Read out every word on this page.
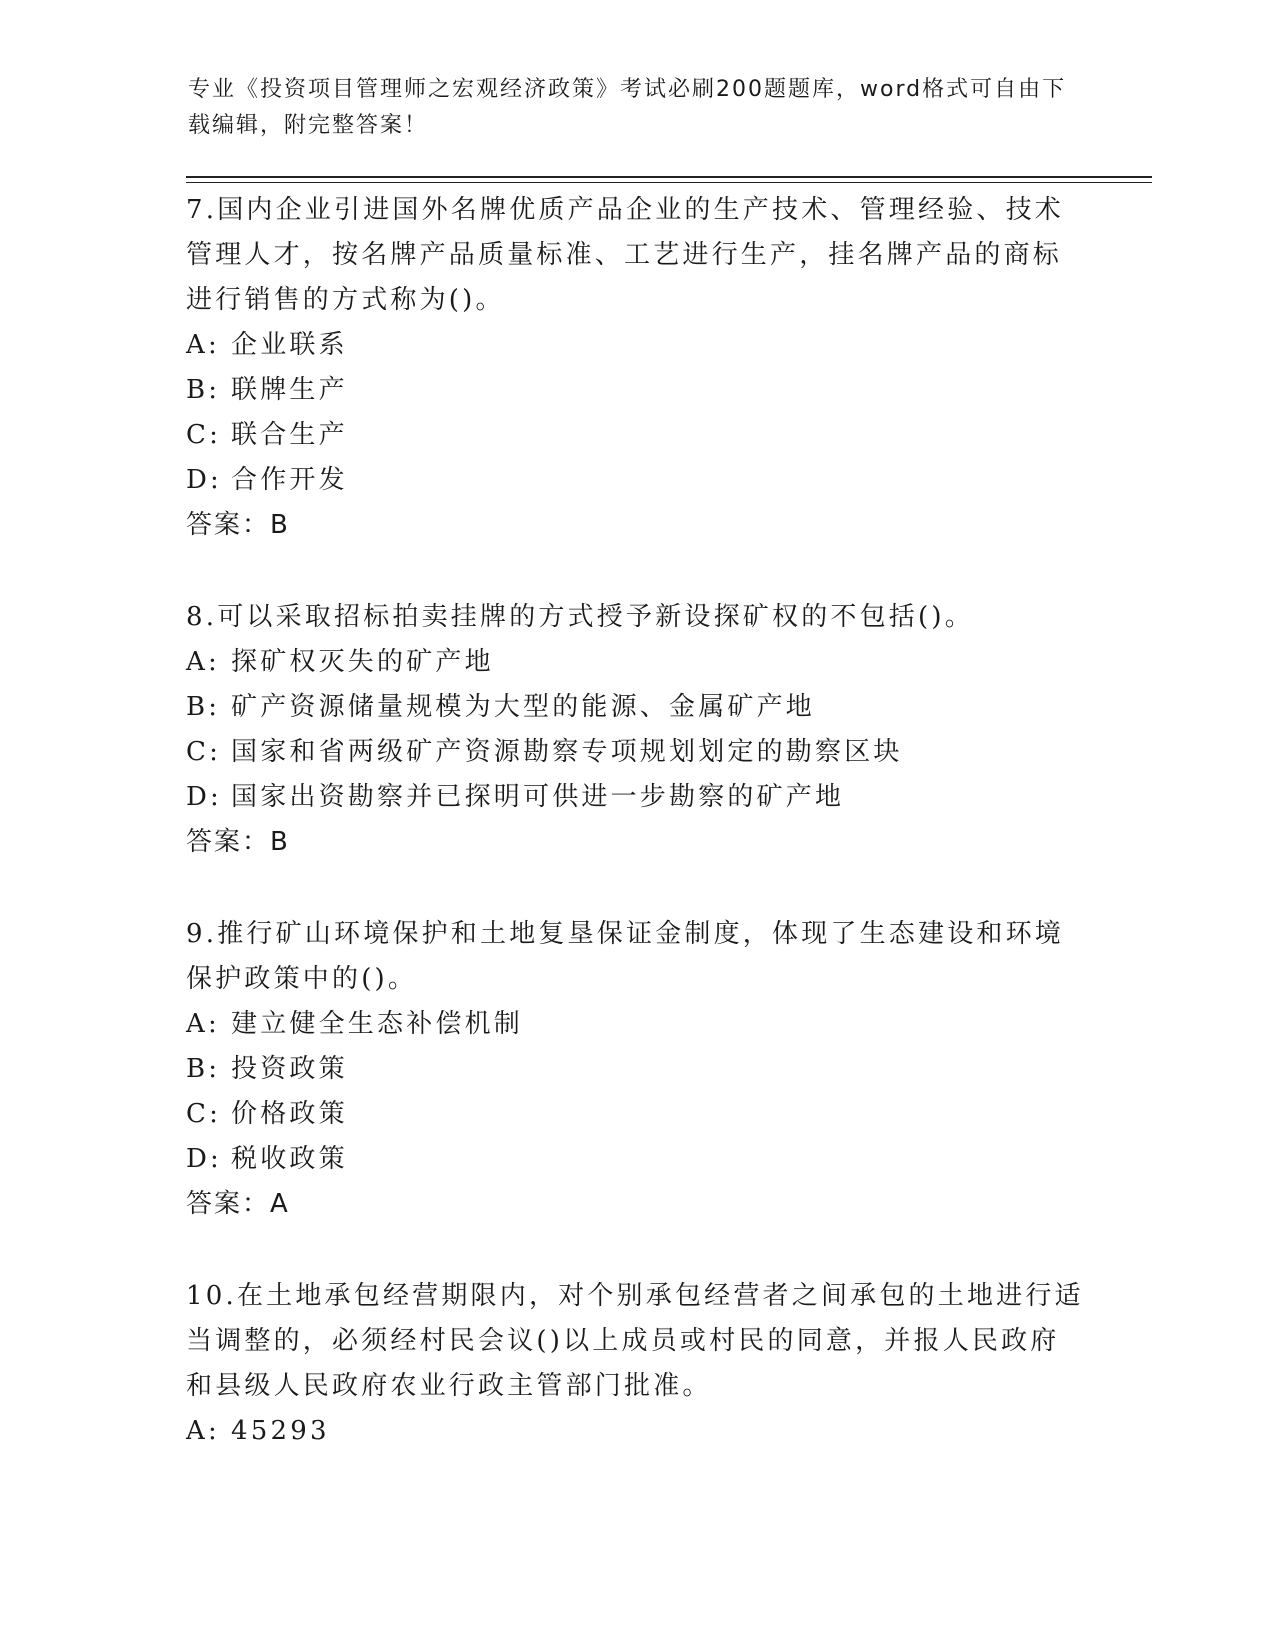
专业《投资项目管理师之宏观经济政策》考试必刷200题题库，word格式可自由下载编辑，附完整答案！

7.国内企业引进国外名牌优质产品企业的生产技术、管理经验、技术管理人才，按名牌产品质量标准、工艺进行生产，挂名牌产品的商标进行销售的方式称为()。

A: 企业联系

B: 联牌生产

C: 联合生产

D: 合作开发

答案：B

8.可以采取招标拍卖挂牌的方式授予新设探矿权的不包括()。

A: 探矿权灭失的矿产地

B: 矿产资源储量规模为大型的能源、金属矿产地

C: 国家和省两级矿产资源勘察专项规划划定的勘察区块

D: 国家出资勘察并已探明可供进一步勘察的矿产地

答案：B

9.推行矿山环境保护和土地复垦保证金制度，体现了生态建设和环境保护政策中的()。

A: 建立健全生态补偿机制

B: 投资政策

C: 价格政策

D: 税收政策

答案：A

10.在土地承包经营期限内，对个别承包经营者之间承包的土地进行适当调整的，必须经村民会议()以上成员或村民的同意，并报人民政府和县级人民政府农业行政主管部门批准。

A: 45293
